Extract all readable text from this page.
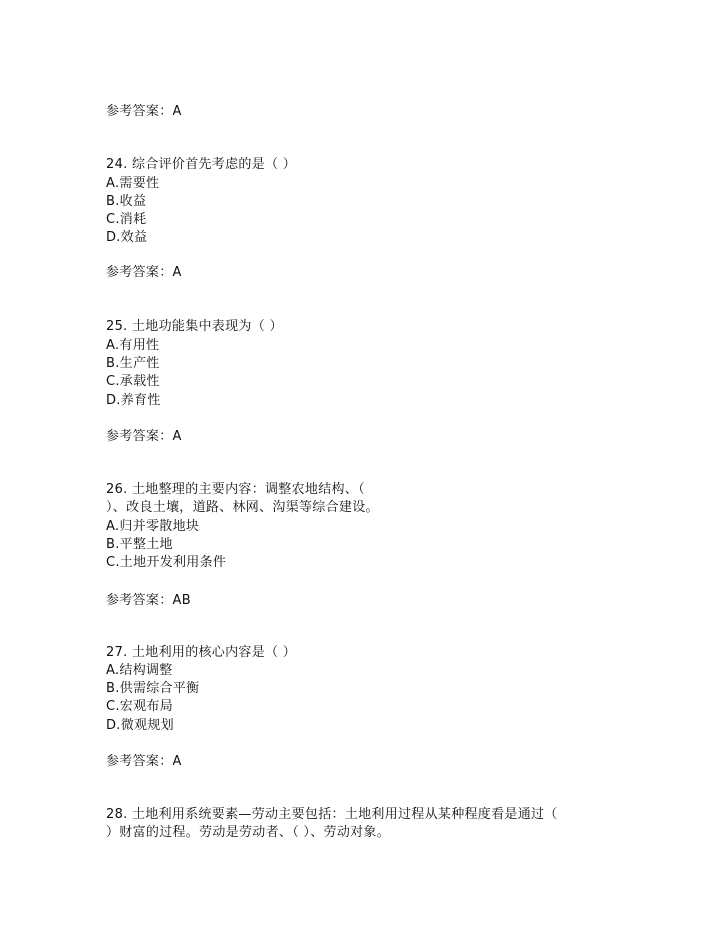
参考答案：A
24. 综合评价首先考虑的是（ ）
A.需要性
B.收益
C.消耗
D.效益
参考答案：A
25. 土地功能集中表现为（ ）
A.有用性
B.生产性
C.承载性
D.养育性
参考答案：A
26. 土地整理的主要内容：调整农地结构、（
）、改良土壤，道路、林网、沟渠等综合建设。
A.归并零散地块
B.平整土地
C.土地开发利用条件
参考答案：AB
27. 土地利用的核心内容是（ ）
A.结构调整
B.供需综合平衡
C.宏观布局
D.微观规划
参考答案：A
28. 土地利用系统要素—劳动主要包括：土地利用过程从某种程度看是通过（
）财富的过程。劳动是劳动者、（ ）、劳动对象。
